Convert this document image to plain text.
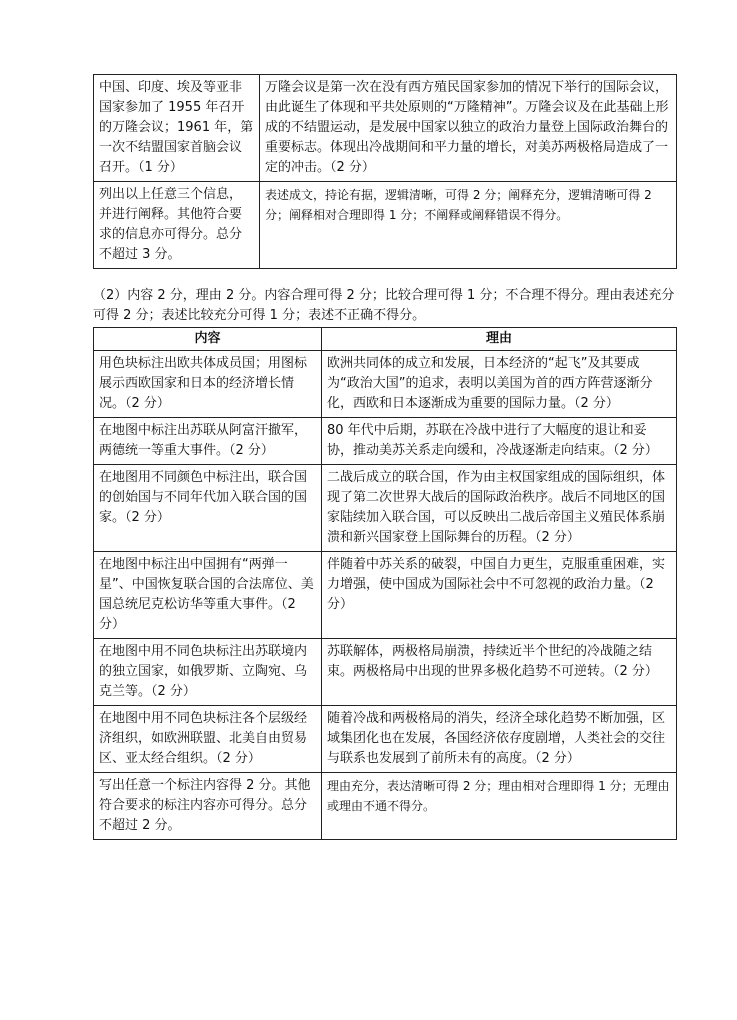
中国、印度、埃及等亚非国家参加了 1955 年召开的万隆会议；1961 年，第一次不结盟国家首脑会议召开。（1 分）	万隆会议是第一次在没有西方殖民国家参加的情况下举行的国际会议，由此诞生了体现和平共处原则的“万隆精神”。万隆会议及在此基础上形成的不结盟运动，是发展中国家以独立的政治力量登上国际政治舞台的重要标志。体现出冷战期间和平力量的增长，对美苏两极格局造成了一定的冲击。（2 分）
列出以上任意三个信息，并进行阐释。其他符合要求的信息亦可得分。总分不超过 3 分。	表述成文，持论有据，逻辑清晰，可得 2 分；阐释充分，逻辑清晰可得 2 分；阐释相对合理即得 1 分；不阐释或阐释错误不得分。
（2）内容 2 分，理由 2 分。内容合理可得 2 分；比较合理可得 1 分；不合理不得分。理由表述充分可得 2 分；表述比较充分可得 1 分；表述不正确不得分。
内容	理由
用色块标注出欧共体成员国；用图标展示西欧国家和日本的经济增长情况。（2 分）	欧洲共同体的成立和发展，日本经济的“起飞”及其要成为“政治大国”的追求，表明以美国为首的西方阵营逐渐分化，西欧和日本逐渐成为重要的国际力量。（2 分）
在地图中标注出苏联从阿富汗撤军，两德统一等重大事件。（2 分）	80 年代中后期，苏联在冷战中进行了大幅度的退让和妥协，推动美苏关系走向缓和，冷战逐渐走向结束。（2 分）
在地图用不同颜色中标注出，联合国的创始国与不同年代加入联合国的国家。（2 分）	二战后成立的联合国，作为由主权国家组成的国际组织，体现了第二次世界大战后的国际政治秩序。战后不同地区的国家陆续加入联合国，可以反映出二战后帝国主义殖民体系崩溃和新兴国家登上国际舞台的历程。（2 分）
在地图中标注出中国拥有“两弹一星”、中国恢复联合国的合法席位、美国总统尼克松访华等重大事件。（2 分）	伴随着中苏关系的破裂，中国自力更生，克服重重困难，实力增强，使中国成为国际社会中不可忽视的政治力量。（2 分）
在地图中用不同色块标注出苏联境内的独立国家，如俄罗斯、立陶宛、乌克兰等。（2 分）	苏联解体，两极格局崩溃，持续近半个世纪的冷战随之结束。两极格局中出现的世界多极化趋势不可逆转。（2 分）
在地图中用不同色块标注各个层级经济组织，如欧洲联盟、北美自由贸易区、亚太经合组织。（2 分）	随着冷战和两极格局的消失，经济全球化趋势不断加强，区域集团化也在发展，各国经济依存度剧增，人类社会的交往与联系也发展到了前所未有的高度。（2 分）
写出任意一个标注内容得 2 分。其他符合要求的标注内容亦可得分。总分不超过 2 分。	理由充分，表达清晰可得 2 分；理由相对合理即得 1 分；无理由或理由不通不得分。
